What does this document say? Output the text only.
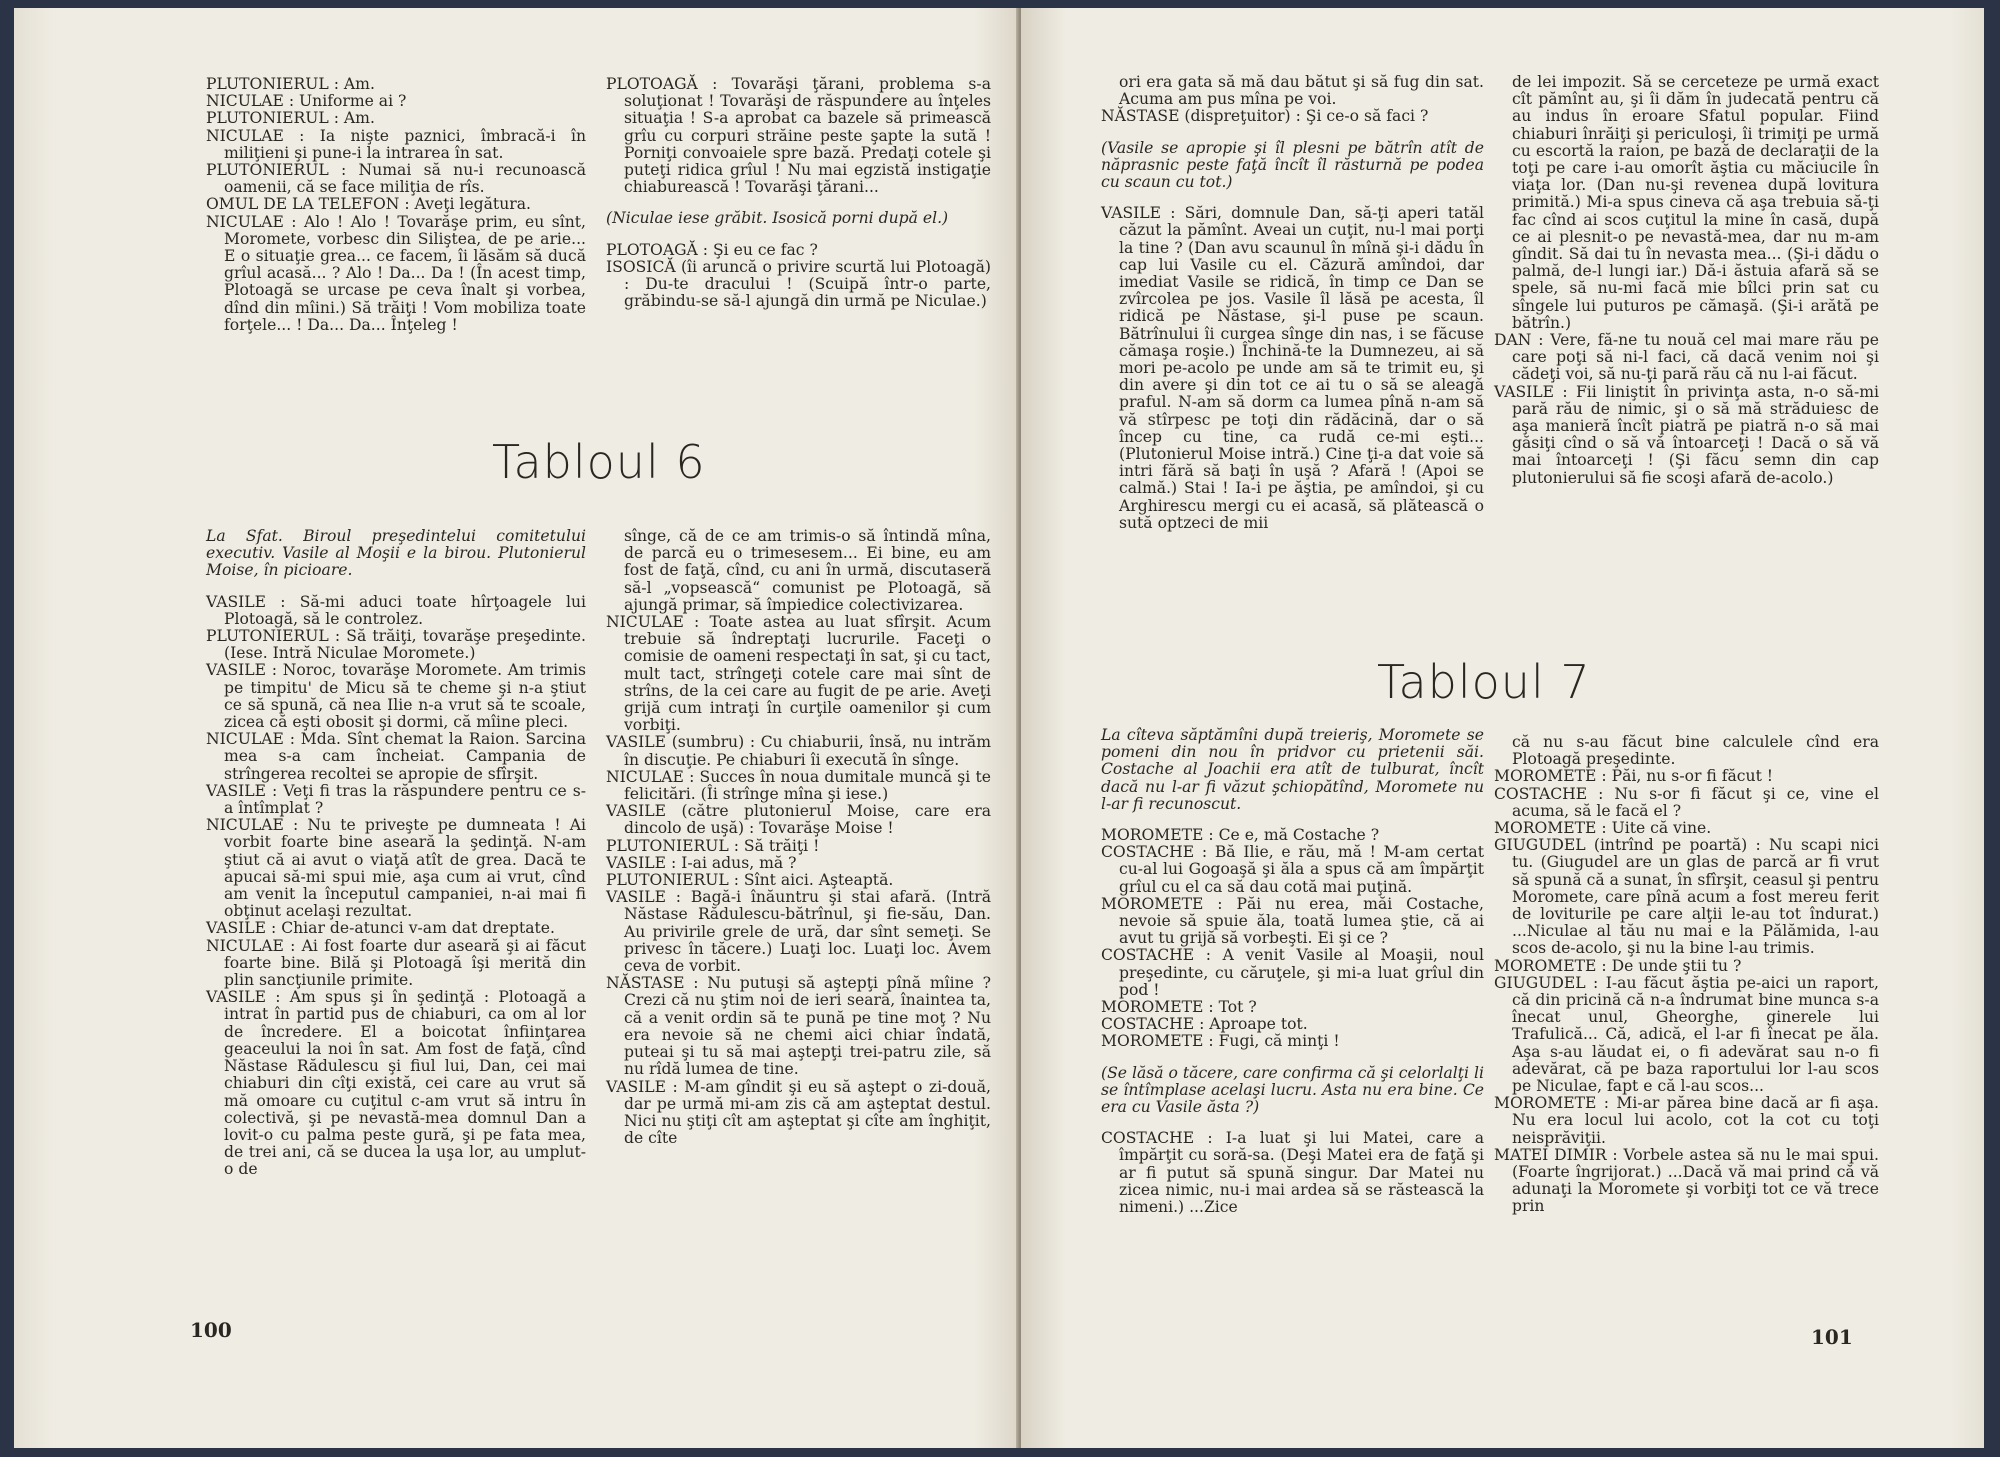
PLUTONIERUL : Am.

NICULAE : Uniforme ai ?

PLUTONIERUL : Am.

NICULAE : Ia nişte paznici, îmbracă-i în miliţieni şi pune-i la intrarea în sat.

PLUTONIERUL : Numai să nu-i recunoască oamenii, că se face miliţia de rîs.

OMUL DE LA TELEFON : Aveţi legătura.

NICULAE : Alo ! Alo ! Tovarăşe prim, eu sînt, Moromete, vorbesc din Siliştea, de pe arie... E o situaţie grea... ce facem, îi lăsăm să ducă grîul acasă... ? Alo ! Da... Da ! (În acest timp, Plotoagă se urcase pe ceva înalt şi vorbea, dînd din mîini.) Să trăiţi ! Vom mobiliza toate forţele... ! Da... Da... Înţeleg !

PLOTOAGĂ : Tovarăşi ţărani, problema s-a soluţionat ! Tovarăşi de răspundere au înţeles situaţia ! S-a aprobat ca bazele să primească grîu cu corpuri străine peste şapte la sută ! Porniţi convoaiele spre bază. Predaţi cotele şi puteţi ridica grîul ! Nu mai egzistă instigaţie chiaburească ! Tovarăşi ţărani...

(Niculae iese grăbit. Isosică porni după el.)

PLOTOAGĂ : Şi eu ce fac ?

ISOSICĂ (îi aruncă o privire scurtă lui Plotoagă) : Du-te dracului ! (Scuipă într-o parte, grăbindu-se să-l ajungă din urmă pe Niculae.)

Tabloul 6

La Sfat. Biroul preşedintelui comitetului executiv. Vasile al Moşii e la birou. Plutonierul Moise, în picioare.

VASILE : Să-mi aduci toate hîrţoagele lui Plotoagă, să le controlez.

PLUTONIERUL : Să trăiţi, tovarăşe preşedinte. (Iese. Intră Niculae Moromete.)

VASILE : Noroc, tovarăşe Moromete. Am trimis pe timpitu' de Micu să te cheme şi n-a ştiut ce să spună, că nea Ilie n-a vrut să te scoale, zicea că eşti obosit şi dormi, că mîine pleci.

NICULAE : Mda. Sînt chemat la Raion. Sarcina mea s-a cam încheiat. Campania de strîngerea recoltei se apropie de sfîrşit.

VASILE : Veţi fi tras la răspundere pentru ce s-a întîmplat ?

NICULAE : Nu te priveşte pe dumneata ! Ai vorbit foarte bine aseară la şedinţă. N-am ştiut că ai avut o viaţă atît de grea. Dacă te apucai să-mi spui mie, aşa cum ai vrut, cînd am venit la începutul campaniei, n-ai mai fi obţinut acelaşi rezultat.

VASILE : Chiar de-atunci v-am dat dreptate.

NICULAE : Ai fost foarte dur aseară şi ai făcut foarte bine. Bilă şi Plotoagă îşi merită din plin sancţiunile primite.

VASILE : Am spus şi în şedinţă : Plotoagă a intrat în partid pus de chiaburi, ca om al lor de încredere. El a boicotat înfiinţarea geaceului la noi în sat. Am fost de faţă, cînd Năstase Rădulescu şi fiul lui, Dan, cei mai chiaburi din cîţi există, cei care au vrut să mă omoare cu cuţitul c-am vrut să intru în colectivă, şi pe nevastă-mea domnul Dan a lovit-o cu palma peste gură, şi pe fata mea, de trei ani, că se ducea la uşa lor, au umplut-o de

sînge, că de ce am trimis-o să întindă mîna, de parcă eu o trimesesem... Ei bine, eu am fost de faţă, cînd, cu ani în urmă, discutaseră să-l „vopsească“ comunist pe Plotoagă, să ajungă primar, să împiedice colectivizarea.

NICULAE : Toate astea au luat sfîrşit. Acum trebuie să îndreptaţi lucrurile. Faceţi o comisie de oameni respectaţi în sat, şi cu tact, mult tact, strîngeţi cotele care mai sînt de strîns, de la cei care au fugit de pe arie. Aveţi grijă cum intraţi în curţile oamenilor şi cum vorbiţi.

VASILE (sumbru) : Cu chiaburii, însă, nu intrăm în discuţie. Pe chiaburi îi execută în sînge.

NICULAE : Succes în noua dumitale muncă şi te felicitări. (Îi strînge mîna şi iese.)

VASILE (către plutonierul Moise, care era dincolo de uşă) : Tovarăşe Moise !

PLUTONIERUL : Să trăiţi !

VASILE : I-ai adus, mă ?

PLUTONIERUL : Sînt aici. Aşteaptă.

VASILE : Bagă-i înăuntru şi stai afară. (Intră Năstase Rădulescu-bătrînul, şi fie-său, Dan. Au privirile grele de ură, dar sînt semeţi. Se privesc în tăcere.) Luaţi loc. Luaţi loc. Avem ceva de vorbit.

NĂSTASE : Nu putuşi să aştepţi pînă mîine ? Crezi că nu ştim noi de ieri seară, înaintea ta, că a venit ordin să te pună pe tine moţ ? Nu era nevoie să ne chemi aici chiar îndată, puteai şi tu să mai aştepţi trei-patru zile, să nu rîdă lumea de tine.

VASILE : M-am gîndit şi eu să aştept o zi-două, dar pe urmă mi-am zis că am aşteptat destul. Nici nu ştiţi cît am aşteptat şi cîte am înghiţit, de cîte

100

ori era gata să mă dau bătut şi să fug din sat. Acuma am pus mîna pe voi.

NĂSTASE (dispreţuitor) : Şi ce-o să faci ?

(Vasile se apropie şi îl plesni pe bătrîn atît de năprasnic peste faţă încît îl răsturnă pe podea cu scaun cu tot.)

VASILE : Sări, domnule Dan, să-ţi aperi tatăl căzut la pămînt. Aveai un cuţit, nu-l mai porţi la tine ? (Dan avu scaunul în mînă şi-i dădu în cap lui Vasile cu el. Căzură amîndoi, dar imediat Vasile se ridică, în timp ce Dan se zvîrcolea pe jos. Vasile îl lăsă pe acesta, îl ridică pe Năstase, şi-l puse pe scaun. Bătrînului îi curgea sînge din nas, i se făcuse cămaşa roşie.) Închină-te la Dumnezeu, ai să mori pe-acolo pe unde am să te trimit eu, şi din avere şi din tot ce ai tu o să se aleagă praful. N-am să dorm ca lumea pînă n-am să vă stîrpesc pe toţi din rădăcină, dar o să încep cu tine, ca rudă ce-mi eşti... (Plutonierul Moise intră.) Cine ţi-a dat voie să intri fără să baţi în uşă ? Afară ! (Apoi se calmă.) Stai ! Ia-i pe ăştia, pe amîndoi, şi cu Arghirescu mergi cu ei acasă, să plătească o sută optzeci de mii

de lei impozit. Să se cerceteze pe urmă exact cît pămînt au, şi îi dăm în judecată pentru că au indus în eroare Sfatul popular. Fiind chiaburi înrăiţi şi periculoşi, îi trimiţi pe urmă cu escortă la raion, pe bază de declaraţii de la toţi pe care i-au omorît ăştia cu măciucile în viaţa lor. (Dan nu-şi revenea după lovitura primită.) Mi-a spus cineva că aşa trebuia să-ţi fac cînd ai scos cuţitul la mine în casă, după ce ai plesnit-o pe nevastă-mea, dar nu m-am gîndit. Să dai tu în nevasta mea... (Şi-i dădu o palmă, de-l lungi iar.) Dă-i ăstuia afară să se spele, să nu-mi facă mie bîlci prin sat cu sîngele lui puturos pe cămaşă. (Şi-i arătă pe bătrîn.)

DAN : Vere, fă-ne tu nouă cel mai mare rău pe care poţi să ni-l faci, că dacă venim noi şi cădeţi voi, să nu-ţi pară rău că nu l-ai făcut.

VASILE : Fii liniştit în privinţa asta, n-o să-mi pară rău de nimic, şi o să mă străduiesc de aşa manieră încît piatră pe piatră n-o să mai găsiţi cînd o să vă întoarceţi ! Dacă o să vă mai întoarceţi ! (Şi făcu semn din cap plutonierului să fie scoşi afară de-acolo.)

Tabloul 7

La cîteva săptămîni după treieriş, Moromete se pomeni din nou în pridvor cu prietenii săi. Costache al Joachii era atît de tulburat, încît dacă nu l-ar fi văzut şchiopătînd, Moromete nu l-ar fi recunoscut.

MOROMETE : Ce e, mă Costache ?

COSTACHE : Bă Ilie, e rău, mă ! M-am certat cu-al lui Gogoaşă şi ăla a spus că am împărţit grîul cu el ca să dau cotă mai puţină.

MOROMETE : Păi nu erea, măi Costache, nevoie să spuie ăla, toată lumea ştie, că ai avut tu grijă să vorbeşti. Ei şi ce ?

COSTACHE : A venit Vasile al Moaşii, noul preşedinte, cu căruţele, şi mi-a luat grîul din pod !

MOROMETE : Tot ?

COSTACHE : Aproape tot.

MOROMETE : Fugi, că minţi !

(Se lăsă o tăcere, care confirma că şi celorlalţi li se întîmplase acelaşi lucru. Asta nu era bine. Ce era cu Vasile ăsta ?)

COSTACHE : I-a luat şi lui Matei, care a împărţit cu soră-sa. (Deşi Matei era de faţă şi ar fi putut să spună singur. Dar Matei nu zicea nimic, nu-i mai ardea să se răstească la nimeni.) ...Zice

că nu s-au făcut bine calculele cînd era Plotoagă preşedinte.

MOROMETE : Păi, nu s-or fi făcut !

COSTACHE : Nu s-or fi făcut şi ce, vine el acuma, să le facă el ?

MOROMETE : Uite că vine.

GIUGUDEL (intrînd pe poartă) : Nu scapi nici tu. (Giugudel are un glas de parcă ar fi vrut să spună că a sunat, în sfîrşit, ceasul şi pentru Moromete, care pînă acum a fost mereu ferit de loviturile pe care alţii le-au tot îndurat.) ...Niculae al tău nu mai e la Pălămida, l-au scos de-acolo, şi nu la bine l-au trimis.

MOROMETE : De unde ştii tu ?

GIUGUDEL : I-au făcut ăştia pe-aici un raport, că din pricină că n-a îndrumat bine munca s-a înecat unul, Gheorghe, ginerele lui Trafulică... Că, adică, el l-ar fi înecat pe ăla. Aşa s-au lăudat ei, o fi adevărat sau n-o fi adevărat, că pe baza raportului lor l-au scos pe Niculae, fapt e că l-au scos...

MOROMETE : Mi-ar părea bine dacă ar fi aşa. Nu era locul lui acolo, cot la cot cu toţi neisprăviţii.

MATEI DIMIR : Vorbele astea să nu le mai spui. (Foarte îngrijorat.) ...Dacă vă mai prind că vă adunaţi la Moromete şi vorbiţi tot ce vă trece prin

101
